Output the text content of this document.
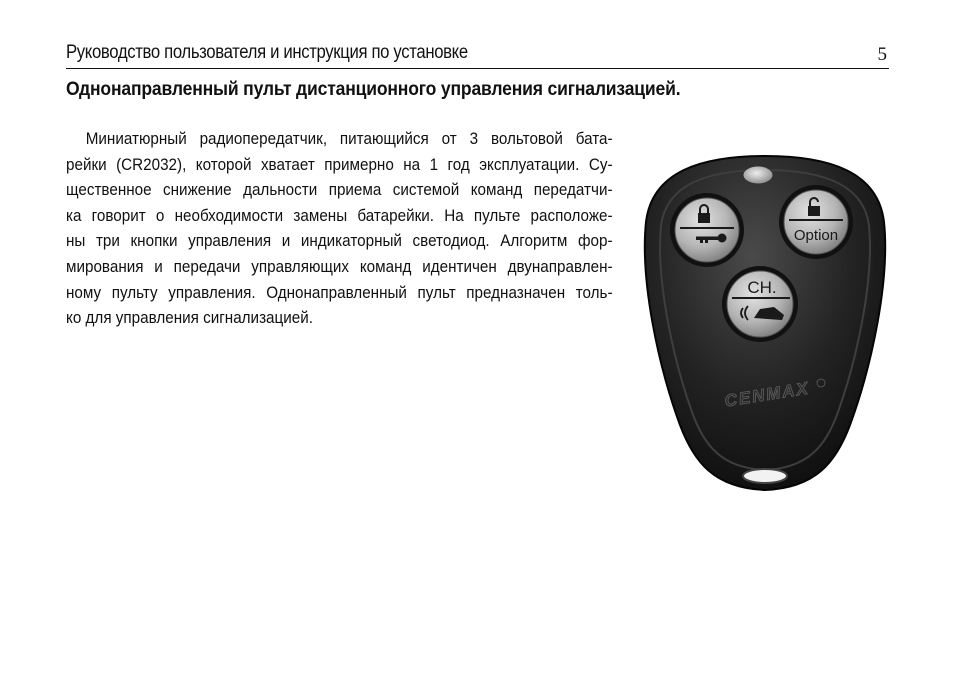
Руководство пользователя и инструкция по установке	5
Однонаправленный пульт дистанционного управления сигнализацией.
Миниатюрный радиопередатчик, питающийся от 3 вольтовой бата-
рейки (CR2032), которой хватает примерно на 1 год эксплуатации. Су-
щественное снижение дальности приема системой команд передатчи-
ка говорит о необходимости замены батарейки. На пульте расположе-
ны три кнопки управления и индикаторный светодиод. Алгоритм фор-
мирования и передачи управляющих команд идентичен двунаправлен-
ному пульту управления. Однонаправленный пульт предназначен толь-
ко для управления сигнализацией.
Option
CH.
CENMAX
